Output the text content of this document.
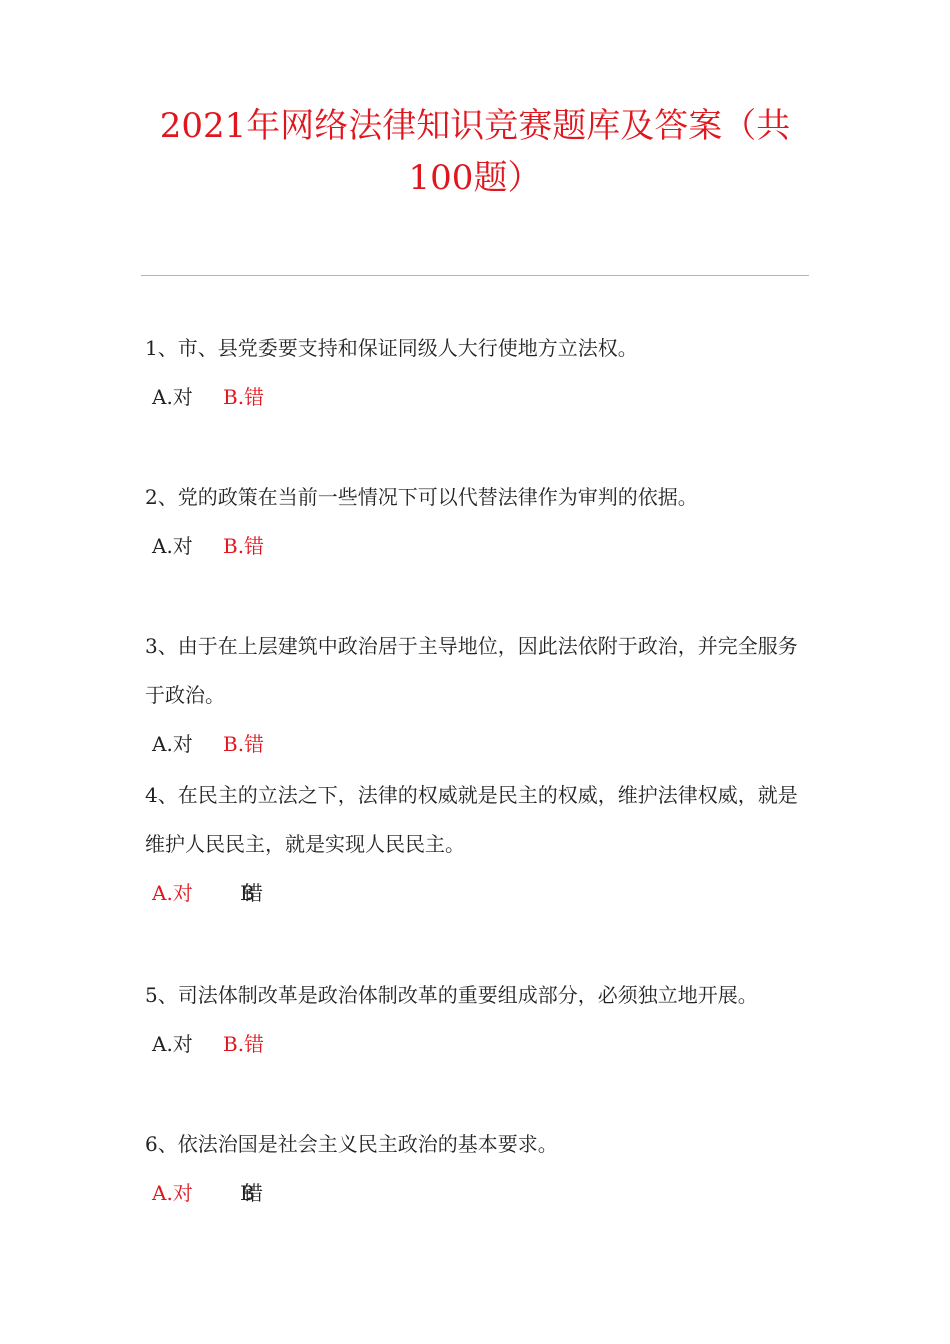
2021年网络法律知识竞赛题库及答案（共
100题）

1、市、县党委要支持和保证同级人大行使地方立法权。

A.对 B.错

2、党的政策在当前一些情况下可以代替法律作为审判的依据。

A.对 B.错

3、由于在上层建筑中政治居于主导地位，因此法依附于政治，并完全服务于政治。

A.对 B.错

4、在民主的立法之下，法律的权威就是民主的权威，维护法律权威，就是维护人民民主，就是实现人民民主。

A.对 B.错

5、司法体制改革是政治体制改革的重要组成部分，必须独立地开展。

A.对 B.错

6、依法治国是社会主义民主政治的基本要求。

A.对 B.错
